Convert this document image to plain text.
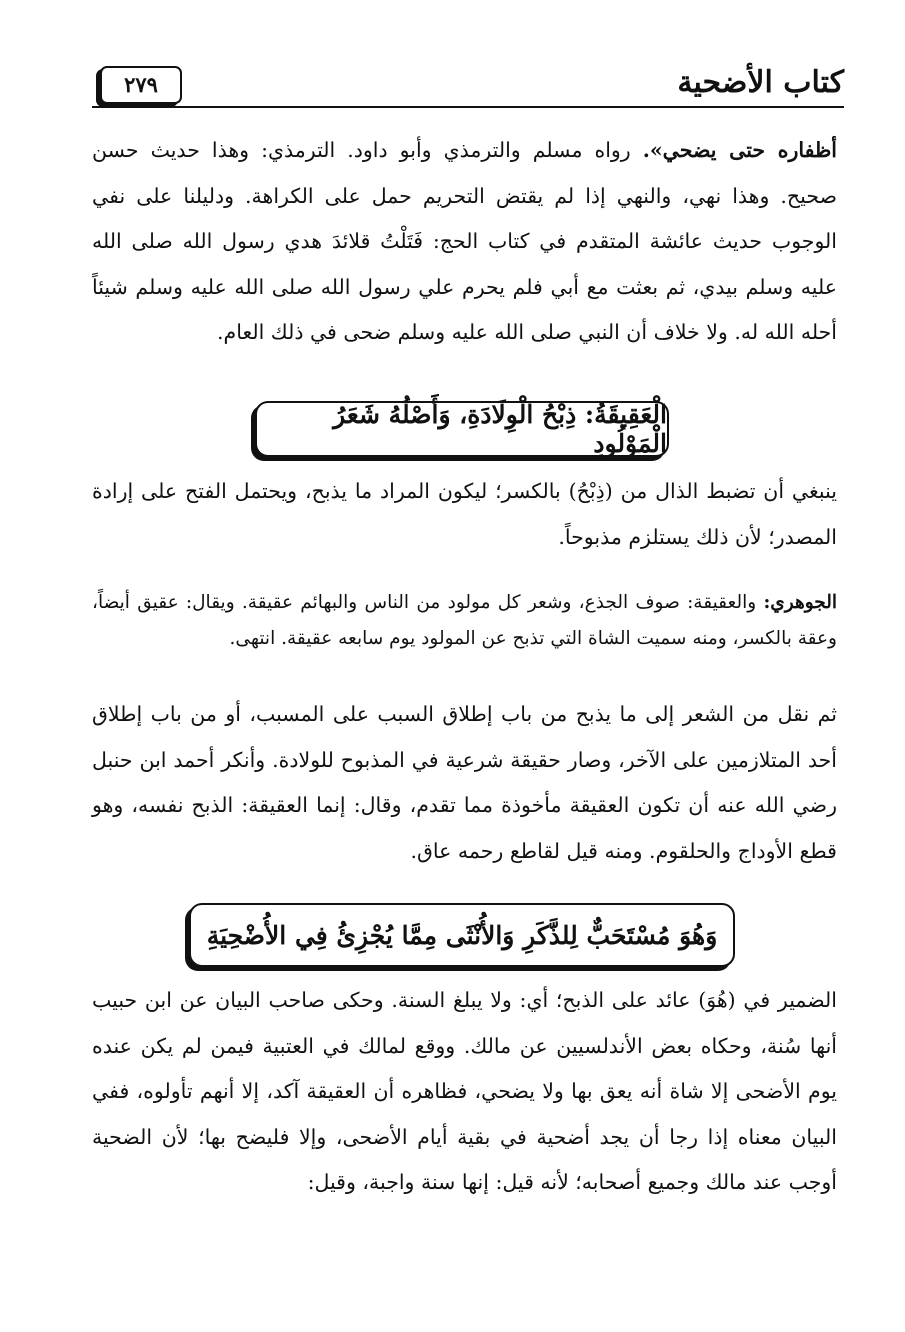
كتاب الأضحية
٢٧٩

أظفاره حتى يضحي». رواه مسلم والترمذي وأبو داود. الترمذي: وهذا حديث حسن صحيح. وهذا نهي، والنهي إذا لم يقتض التحريم حمل على الكراهة. ودليلنا على نفي الوجوب حديث عائشة المتقدم في كتاب الحج: فَتَلْتُ قلائدَ هدي رسول الله صلى الله عليه وسلم بيدي، ثم بعثت مع أبي فلم يحرم علي رسول الله صلى الله عليه وسلم شيئاً أحله الله له. ولا خلاف أن النبي صلى الله عليه وسلم ضحى في ذلك العام.

الْعَقِيقَةُ: ذِبْحُ الْوِلَادَةِ، وَأَصْلُهُ شَعَرُ الْمَوْلُودِ

ينبغي أن تضبط الذال من (ذِبْحُ) بالكسر؛ ليكون المراد ما يذبح، ويحتمل الفتح على إرادة المصدر؛ لأن ذلك يستلزم مذبوحاً.

الجوهري: والعقيقة: صوف الجذع، وشعر كل مولود من الناس والبهائم عقيقة. ويقال: عقيق أيضاً، وعقة بالكسر، ومنه سميت الشاة التي تذبح عن المولود يوم سابعه عقيقة. انتهى.

ثم نقل من الشعر إلى ما يذبح من باب إطلاق السبب على المسبب، أو من باب إطلاق أحد المتلازمين على الآخر، وصار حقيقة شرعية في المذبوح للولادة. وأنكر أحمد ابن حنبل رضي الله عنه أن تكون العقيقة مأخوذة مما تقدم، وقال: إنما العقيقة: الذبح نفسه، وهو قطع الأوداج والحلقوم. ومنه قيل لقاطع رحمه عاق.

وَهُوَ مُسْتَحَبٌّ لِلذَّكَرِ وَالأُنْثَى مِمَّا يُجْزِئُ فِي الأُضْحِيَةِ

الضمير في (هُوَ) عائد على الذبح؛ أي: ولا يبلغ السنة. وحكى صاحب البيان عن ابن حبيب أنها سُنة، وحكاه بعض الأندلسيين عن مالك. ووقع لمالك في العتبية فيمن لم يكن عنده يوم الأضحى إلا شاة أنه يعق بها ولا يضحي، فظاهره أن العقيقة آكد، إلا أنهم تأولوه، ففي البيان معناه إذا رجا أن يجد أضحية في بقية أيام الأضحى، وإلا فليضح بها؛ لأن الضحية أوجب عند مالك وجميع أصحابه؛ لأنه قيل: إنها سنة واجبة، وقيل:
